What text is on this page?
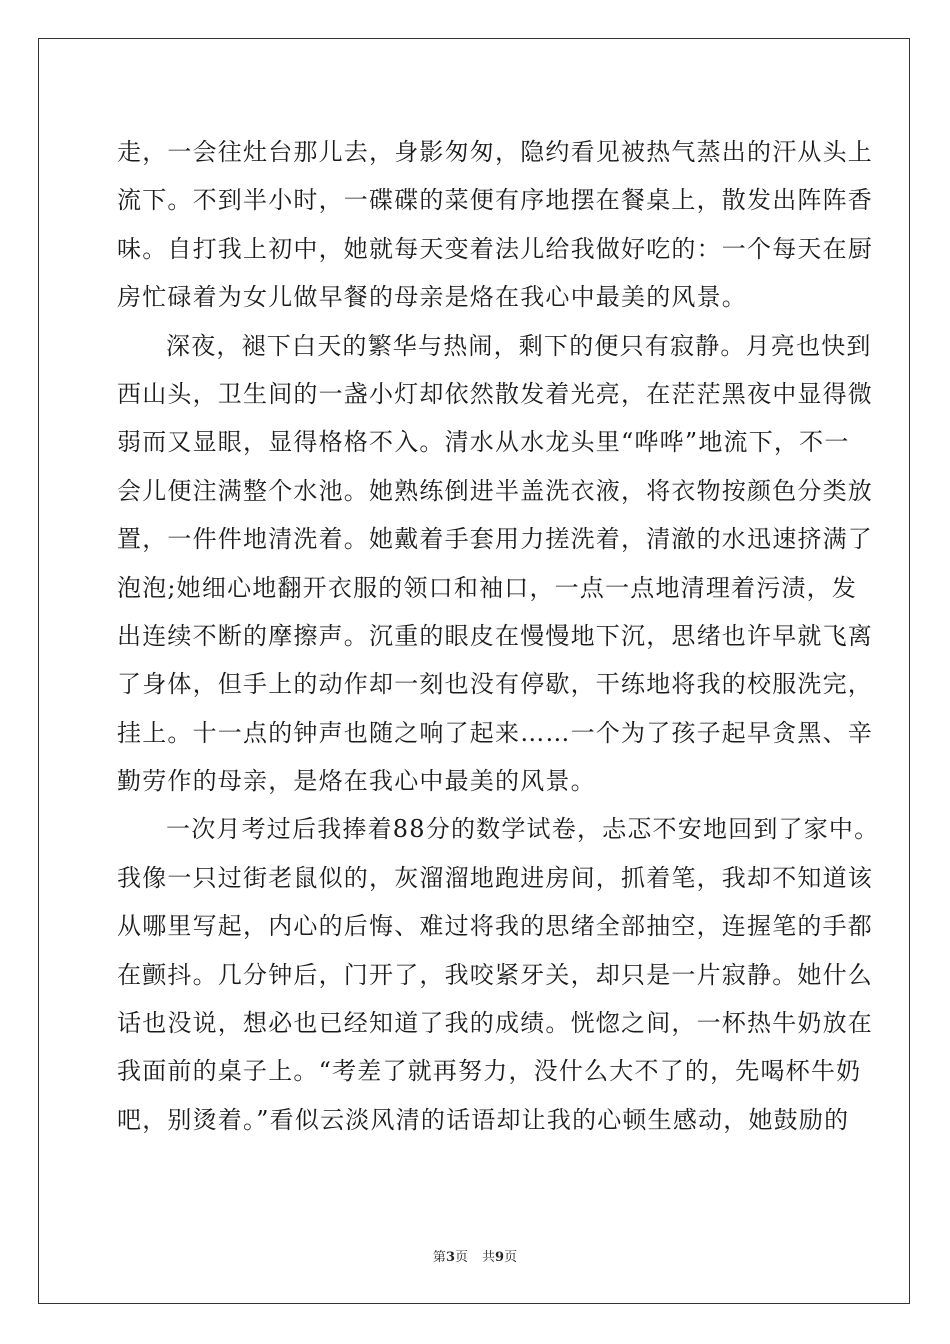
走，一会往灶台那儿去，身影匆匆，隐约看见被热气蒸出的汗从头上
流下。不到半小时，一碟碟的菜便有序地摆在餐桌上，散发出阵阵香
味。自打我上初中，她就每天变着法儿给我做好吃的：一个每天在厨
房忙碌着为女儿做早餐的母亲是烙在我心中最美的风景。
深夜，褪下白天的繁华与热闹，剩下的便只有寂静。月亮也快到
西山头，卫生间的一盏小灯却依然散发着光亮，在茫茫黑夜中显得微
弱而又显眼，显得格格不入。清水从水龙头里“哗哗”地流下，不一
会儿便注满整个水池。她熟练倒进半盖洗衣液，将衣物按颜色分类放
置，一件件地清洗着。她戴着手套用力搓洗着，清澈的水迅速挤满了
泡泡;她细心地翻开衣服的领口和袖口，一点一点地清理着污渍，发
出连续不断的摩擦声。沉重的眼皮在慢慢地下沉，思绪也许早就飞离
了身体，但手上的动作却一刻也没有停歇，干练地将我的校服洗完，
挂上。十一点的钟声也随之响了起来……一个为了孩子起早贪黑、辛
勤劳作的母亲，是烙在我心中最美的风景。
一次月考过后我捧着88分的数学试卷，忐忑不安地回到了家中。
我像一只过街老鼠似的，灰溜溜地跑进房间，抓着笔，我却不知道该
从哪里写起，内心的后悔、难过将我的思绪全部抽空，连握笔的手都
在颤抖。几分钟后，门开了，我咬紧牙关，却只是一片寂静。她什么
话也没说，想必也已经知道了我的成绩。恍惚之间，一杯热牛奶放在
我面前的桌子上。“考差了就再努力，没什么大不了的，先喝杯牛奶
吧，别烫着。”看似云淡风清的话语却让我的心顿生感动，她鼓励的
第3页 共9页
